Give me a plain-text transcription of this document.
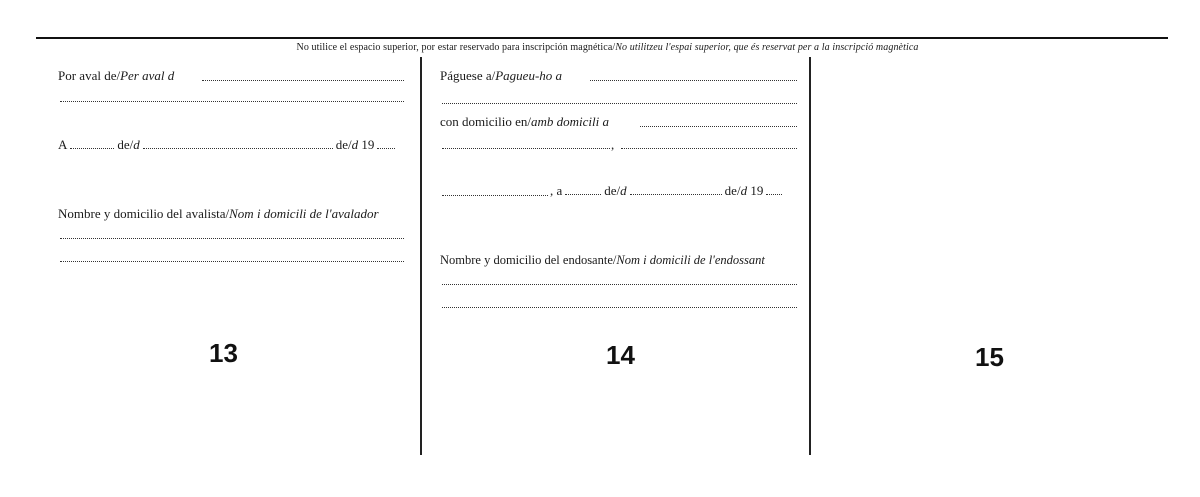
No utilice el espacio superior, por estar reservado para inscripción magnética/No utilitzeu l'espai superior, que és reservat per a la inscripció magnètica
Por aval de/Per aval d
A	de/d	de/d 19
Nombre y domicilio del avalista/Nom i domicili de l'avalador
13
Páguese a/Pagueu-ho a
con domicilio en/amb domicili a
,
, a	de/d	de/d 19
Nombre y domicilio del endosante/Nom i domicili de l'endossant
14	15
